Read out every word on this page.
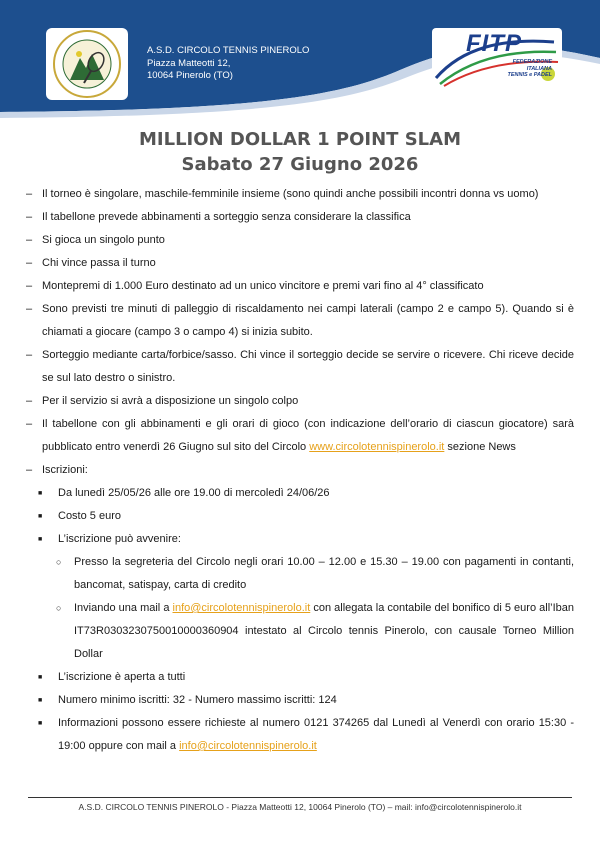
A.S.D. CIRCOLO TENNIS PINEROLO
Piazza Matteotti 12,
10064 Pinerolo (TO)
FITP
FEDERAZIONE
ITALIANA
TENNIS e PADEL
MILLION DOLLAR 1 POINT SLAM
Sabato 27 Giugno 2026
– Il torneo è singolare, maschile-femminile insieme (sono quindi anche possibili incontri donna vs uomo)
– Il tabellone prevede abbinamenti a sorteggio senza considerare la classifica
– Si gioca un singolo punto
– Chi vince passa il turno
– Montepremi di 1.000 Euro destinato ad un unico vincitore e premi vari fino al 4° classificato
– Sono previsti tre minuti di palleggio di riscaldamento nei campi laterali (campo 2 e campo 5). Quando si è chiamati a giocare (campo 3 o campo 4) si inizia subito.
– Sorteggio mediante carta/forbice/sasso. Chi vince il sorteggio decide se servire o ricevere. Chi riceve decide se sul lato destro o sinistro.
– Per il servizio si avrà a disposizione un singolo colpo
– Il tabellone con gli abbinamenti e gli orari di gioco (con indicazione dell’orario di ciascun giocatore) sarà pubblicato entro venerdì 26 Giugno sul sito del Circolo www.circolotennispinerolo.it sezione News
– Iscrizioni:
■ Da lunedì 25/05/26 alle ore 19.00 di mercoledì 24/06/26
■ Costo 5 euro
■ L’iscrizione può avvenire:
○ Presso la segreteria del Circolo negli orari 10.00 – 12.00 e 15.30 – 19.00 con pagamenti in contanti, bancomat, satispay, carta di credito
○ Inviando una mail a info@circolotennispinerolo.it con allegata la contabile del bonifico di 5 euro all’Iban IT73R0303230750010000360904 intestato al Circolo tennis Pinerolo, con causale Torneo Million Dollar
■ L’iscrizione è aperta a tutti
■ Numero minimo iscritti: 32 - Numero massimo iscritti: 124
■ Informazioni possono essere richieste al numero 0121 374265 dal Lunedì al Venerdì con orario 15:30 - 19:00 oppure con mail a info@circolotennispinerolo.it
A.S.D. CIRCOLO TENNIS PINEROLO - Piazza Matteotti 12, 10064 Pinerolo (TO) – mail: info@circolotennispinerolo.it
